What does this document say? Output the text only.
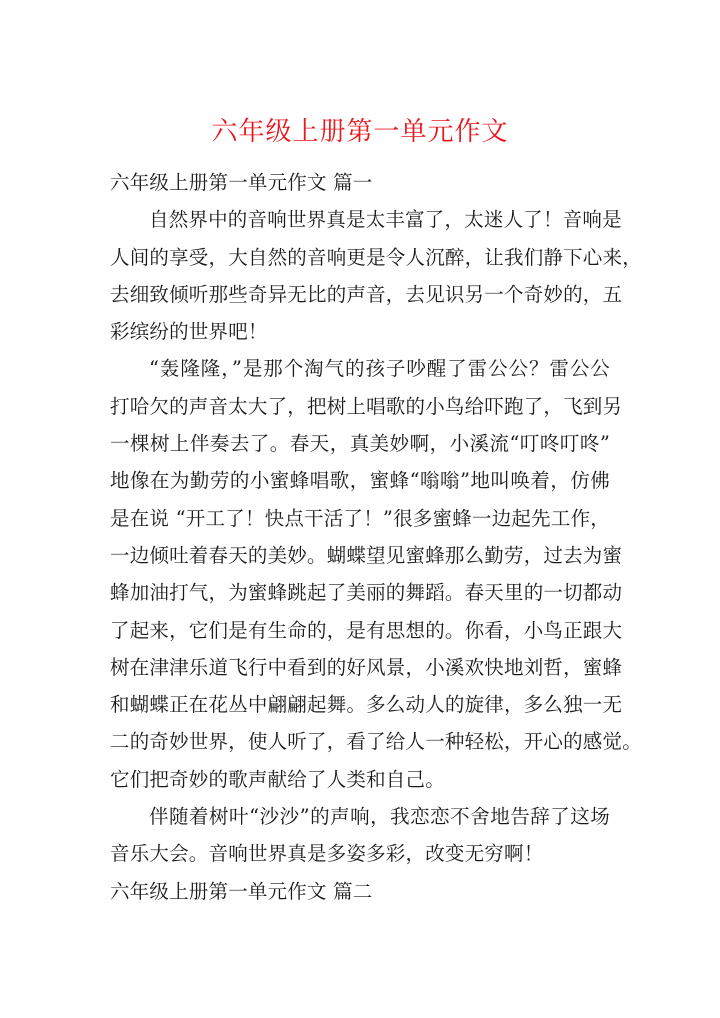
六年级上册第一单元作文

六年级上册第一单元作文 篇一

自然界中的音响世界真是太丰富了，太迷人了！音响是

人间的享受，大自然的音响更是令人沉醉，让我们静下心来，

去细致倾听那些奇异无比的声音，去见识另一个奇妙的，五

彩缤纷的世界吧！

“轰隆隆，”是那个淘气的孩子吵醒了雷公公？雷公公

打哈欠的声音太大了，把树上唱歌的小鸟给吓跑了，飞到另

一棵树上伴奏去了。春天，真美妙啊，小溪流“叮咚叮咚”

地像在为勤劳的小蜜蜂唱歌，蜜蜂“嗡嗡”地叫唤着，仿佛

是在说 “开工了！快点干活了！”很多蜜蜂一边起先工作，

一边倾吐着春天的美妙。蝴蝶望见蜜蜂那么勤劳，过去为蜜

蜂加油打气，为蜜蜂跳起了美丽的舞蹈。春天里的一切都动

了起来，它们是有生命的，是有思想的。你看，小鸟正跟大

树在津津乐道飞行中看到的好风景，小溪欢快地刘哲，蜜蜂

和蝴蝶正在花丛中翩翩起舞。多么动人的旋律，多么独一无

二的奇妙世界，使人听了，看了给人一种轻松，开心的感觉。

它们把奇妙的歌声献给了人类和自己。

伴随着树叶“沙沙”的声响，我恋恋不舍地告辞了这场

音乐大会。音响世界真是多姿多彩，改变无穷啊！

六年级上册第一单元作文 篇二
